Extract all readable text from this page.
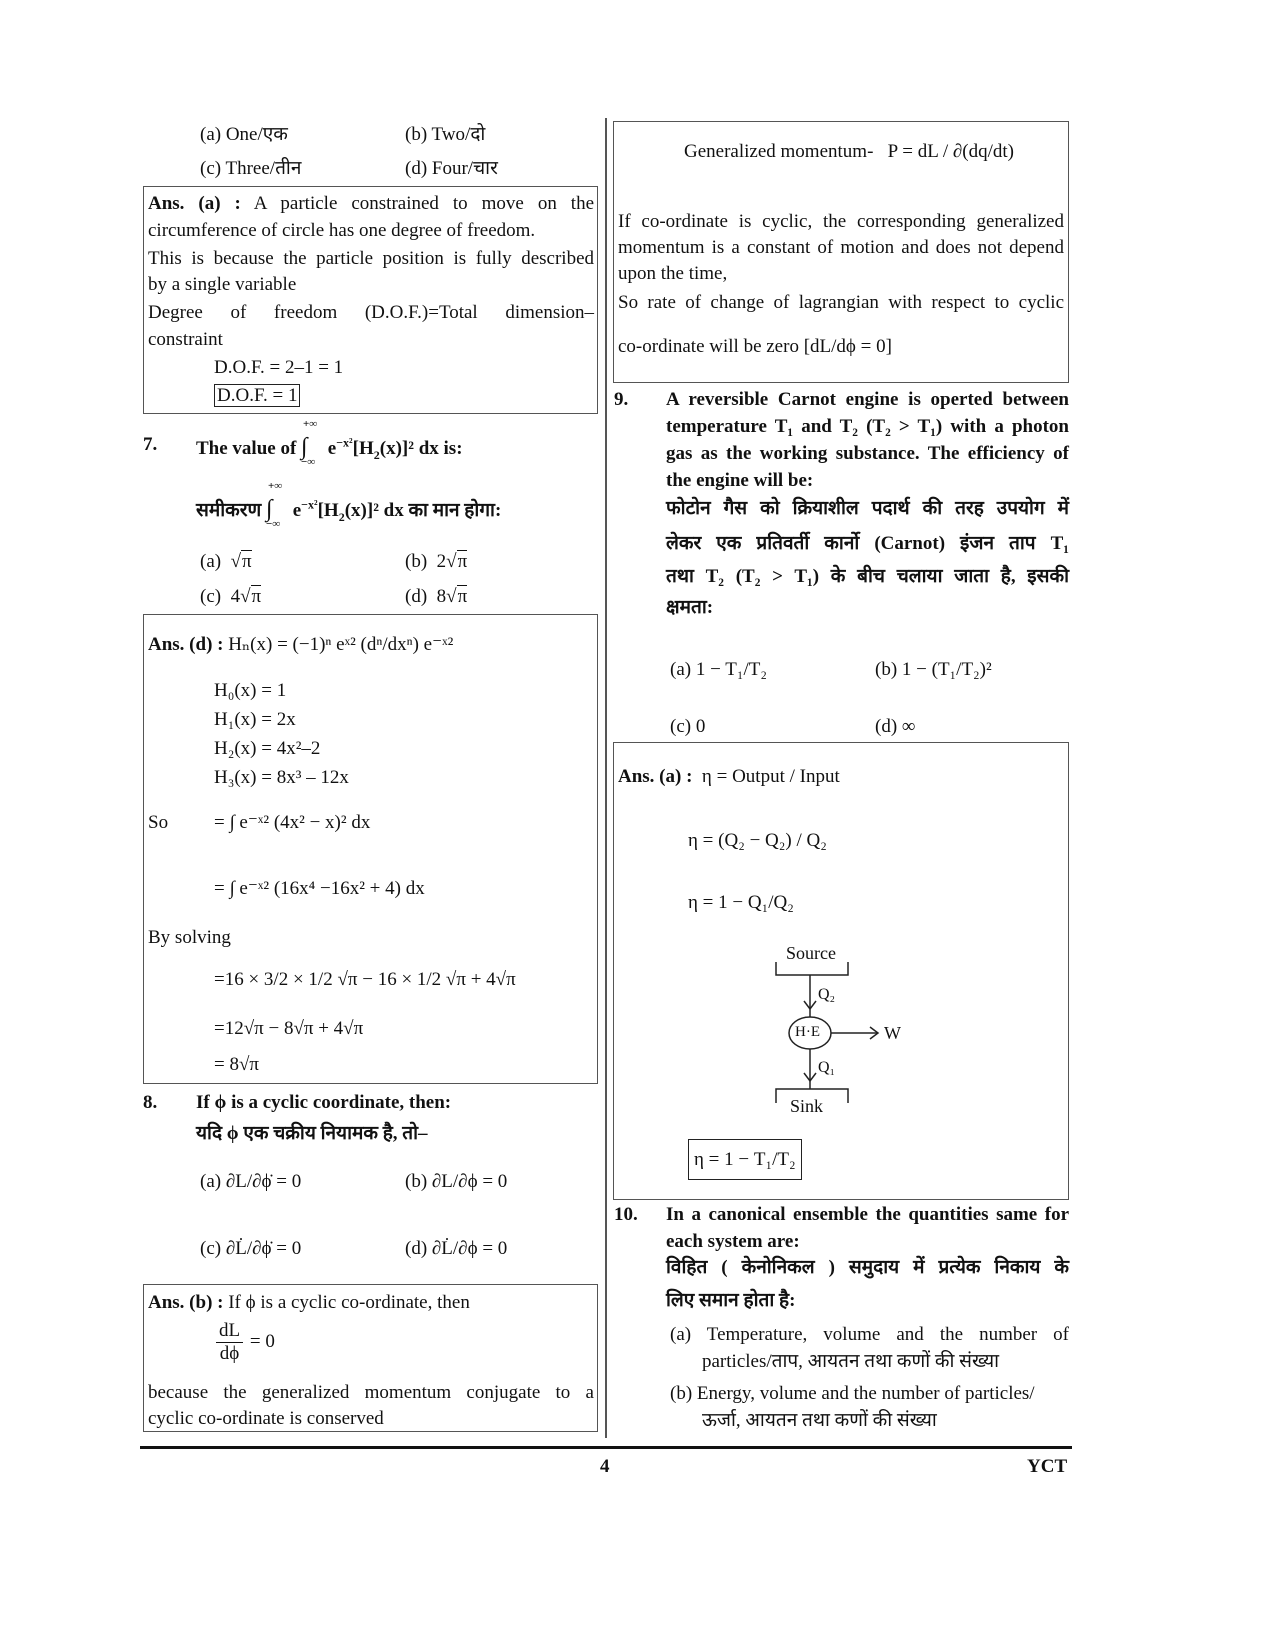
(a) One/एक	(b) Two/दो
(c) Three/तीन	(d) Four/चार
Ans. (a) : A particle constrained to move on the
circumference of circle has one degree of freedom.
This is because the particle position is fully described
by a single variable
Degree of freedom (D.O.F.)=Total dimension–
constraint
D.O.F. = 2–1 = 1
D.O.F. = 1
7. The value of
+∞
∫
−∞
$e^{-x^2}[H_2(x)]^2$ dx is:
समीकरण
+∞
∫
−∞
$e^{-x^2}[H_2(x)]^2$ dx का मान होगा:
(a) √π	(b) 2√π
(c) 4√π	(d) 8√π
Ans. (d) : Hₙ(x) = (−1)ⁿ eˣ² (dⁿ/dxⁿ) e⁻ˣ²
H₀(x) = 1
H₁(x) = 2x
H₂(x) = 4x²–2
H₃(x) = 8x³ – 12x
So = ∫ e⁻ˣ² (4x² − x)² dx
= ∫ e⁻ˣ² (16x⁴ −16x² + 4) dx
By solving
=16 × 3/2 × 1/2 √π − 16 × 1/2 √π + 4√π
=12√π − 8√π + 4√π
= 8√π
8. If ϕ is a cyclic coordinate, then:
यदि ϕ एक चक्रीय नियामक है, तो–
(a) ∂L/∂ϕ̇ = 0	(b) ∂L/∂ϕ = 0
(c) ∂L̇/∂ϕ̇ = 0	(d) ∂L̇/∂ϕ = 0
Ans. (b) : If ϕ is a cyclic co-ordinate, then
$\frac{dL}{d\phi} = 0$
because the generalized momentum conjugate to a
cyclic co-ordinate is conserved
Generalized momentum- P = dL / ∂(dq/dt)
If co-ordinate is cyclic, the corresponding generalized
momentum is a constant of motion and does not depend
upon the time,
So rate of change of lagrangian with respect to cyclic
co-ordinate will be zero [dL/dϕ = 0]
9. A reversible Carnot engine is operted between
temperature T₁ and T₂ (T₂ > T₁) with a photon
gas as the working substance. The efficiency of
the engine will be:
फोटोन गैस को क्रियाशील पदार्थ की तरह उपयोग में
लेकर एक प्रतिवर्ती कार्नो (Carnot) इंजन ताप T₁
तथा T₂ (T₂ > T₁) के बीच चलाया जाता है, इसकी
क्षमता:
(a) 1 − T₁/T₂	(b) 1 − (T₁/T₂)²
(c) 0	(d) ∞
Ans. (a) : η = Output / Input
η = (Q₂ − Q₂) / Q₂
η = 1 − Q₁/Q₂
Source
Q₂
H·E	W
Q₁
Sink
η = 1 − T₁/T₂
10. In a canonical ensemble the quantities same for
each system are:
विहित ( केनोनिकल ) समुदाय में प्रत्येक निकाय के
लिए समान होता है:
(a) Temperature, volume and the number of
particles/ताप, आयतन तथा कणों की संख्या
(b) Energy, volume and the number of particles/
ऊर्जा, आयतन तथा कणों की संख्या
4	YCT
